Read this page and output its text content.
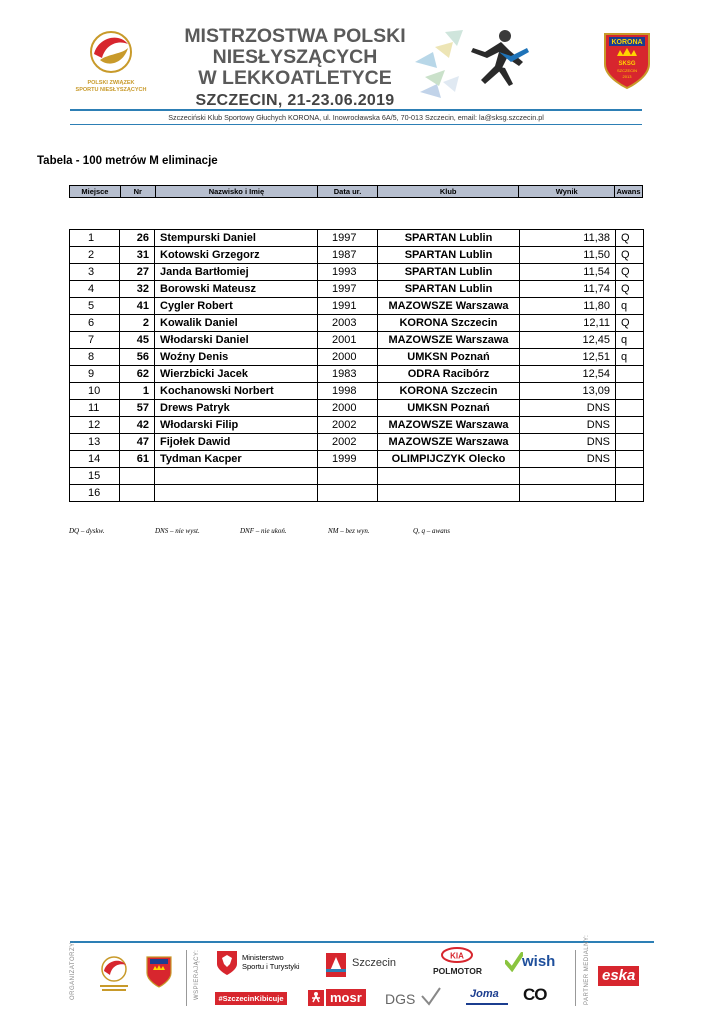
POLSKI ZWIĄZEK
SPORTU NIESŁYSZĄCYCH
MISTRZOSTWA POLSKI
NIESŁYSZĄCYCH
W LEKKOATLETYCE
SZCZECIN, 21-23.06.2019
KORONA
SKSG
SZCZECIN
2013
Szczeciński Klub Sportowy Głuchych KORONA, ul. Inowrocławska 6A/5, 70-013 Szczecin, email: la@sksg.szczecin.pl
Tabela - 100 metrów M eliminacje
Miejsce	Nr	Nazwisko i Imię	Data ur.	Klub	Wynik	Awans
1	26	Stempurski Daniel	1997	SPARTAN Lublin	11,38	Q
2	31	Kotowski Grzegorz	1987	SPARTAN Lublin	11,50	Q
3	27	Janda Bartłomiej	1993	SPARTAN Lublin	11,54	Q
4	32	Borowski Mateusz	1997	SPARTAN Lublin	11,74	Q
5	41	Cygler Robert	1991	MAZOWSZE Warszawa	11,80	q
6	2	Kowalik Daniel	2003	KORONA Szczecin	12,11	Q
7	45	Włodarski Daniel	2001	MAZOWSZE Warszawa	12,45	q
8	56	Woźny Denis	2000	UMKSN Poznań	12,51	q
9	62	Wierzbicki Jacek	1983	ODRA Racibórz	12,54	
10	1	Kochanowski Norbert	1998	KORONA Szczecin	13,09	
11	57	Drews Patryk	2000	UMKSN Poznań	DNS	
12	42	Włodarski Filip	2002	MAZOWSZE Warszawa	DNS	
13	47	Fijołek Dawid	2002	MAZOWSZE Warszawa	DNS	
14	61	Tydman Kacper	1999	OLIMPIJCZYK Olecko	DNS	
15						
16						
DQ – dyskw.	DNS – nie wyst.	DNF – nie ukoń.	NM – bez wyn.	Q, q – awans
ORGANIZATORZY:	WSPIERAJĄCY:	Ministerstwo
Sportu i Turystyki	Szczecin
KIA
POLMOTOR
wish	PARTNER MEDIALNY: eska
#SzczecinKibicuje	mosr DGS	Joma CO
